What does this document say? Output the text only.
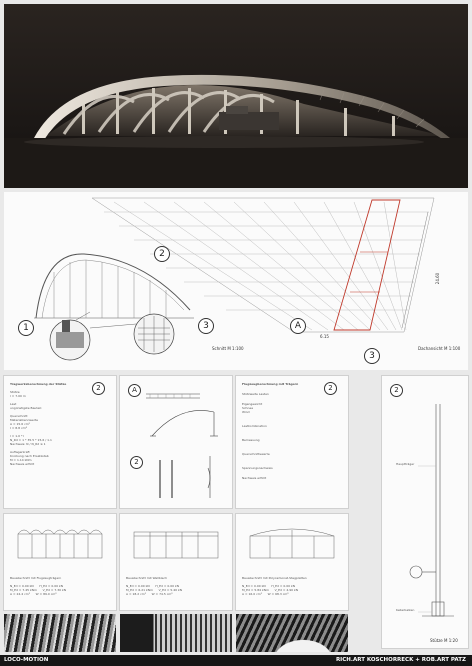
2
1	3	A
3
24.60
6.15
Schnitt M 1:100	Dachansicht M 1:100
2
Tragwerksberechnung der Stütze
Stütze
l = 7.00 m
Last
ungünstigste Bauteil:
Querschnitt
Materialkennwerte
A = 15.6 cm²
I = 8.8 cm⁴
l = 1.0 * l
N_Rd = 1 * 35.5 * 15.6 / 1.1
Nachweis: N / N_Rd ≤ 1
Auflagerkraft
Knickung nach Ersatzstab
M = 1.14 kNm
Nachweis erfüllt
A
2
2
Flugzeugberechnung mit Trägern
Stützweite Lasten
Eigengewicht
Schnee
Wind
Lastkombination
Bemessung
Querschnittswerte
Spannungsnachweis
Nachweis erfüllt
2
Hauptträger
Kellerbalken
Stütze M 1:20
Bauabschnitt mit Flugzeugträgern
N_Ed = 0.00 kN H_Ed = 0.00 kN
M_Ed = 7.45 kNm V_Ed = 7.30 kN
A = 24.4 cm² W = 89.0 cm³
Bauabschnitt mit Wellblech
N_Ed = 0.00 kN H_Ed = 0.00 kN
M_Ed = 6.21 kNm V_Ed = 5.40 kN
A = 18.2 cm² W = 74.5 cm³
Bauabschnitt mit Polycarbonat-Stegplatten
N_Ed = 0.00 kN H_Ed = 0.00 kN
M_Ed = 5.84 kNm V_Ed = 4.90 kN
A = 16.0 cm² W = 68.3 cm³
LOCO-MOTION	RICH.ART KOSCHORRECK + ROB.ART PATZ
